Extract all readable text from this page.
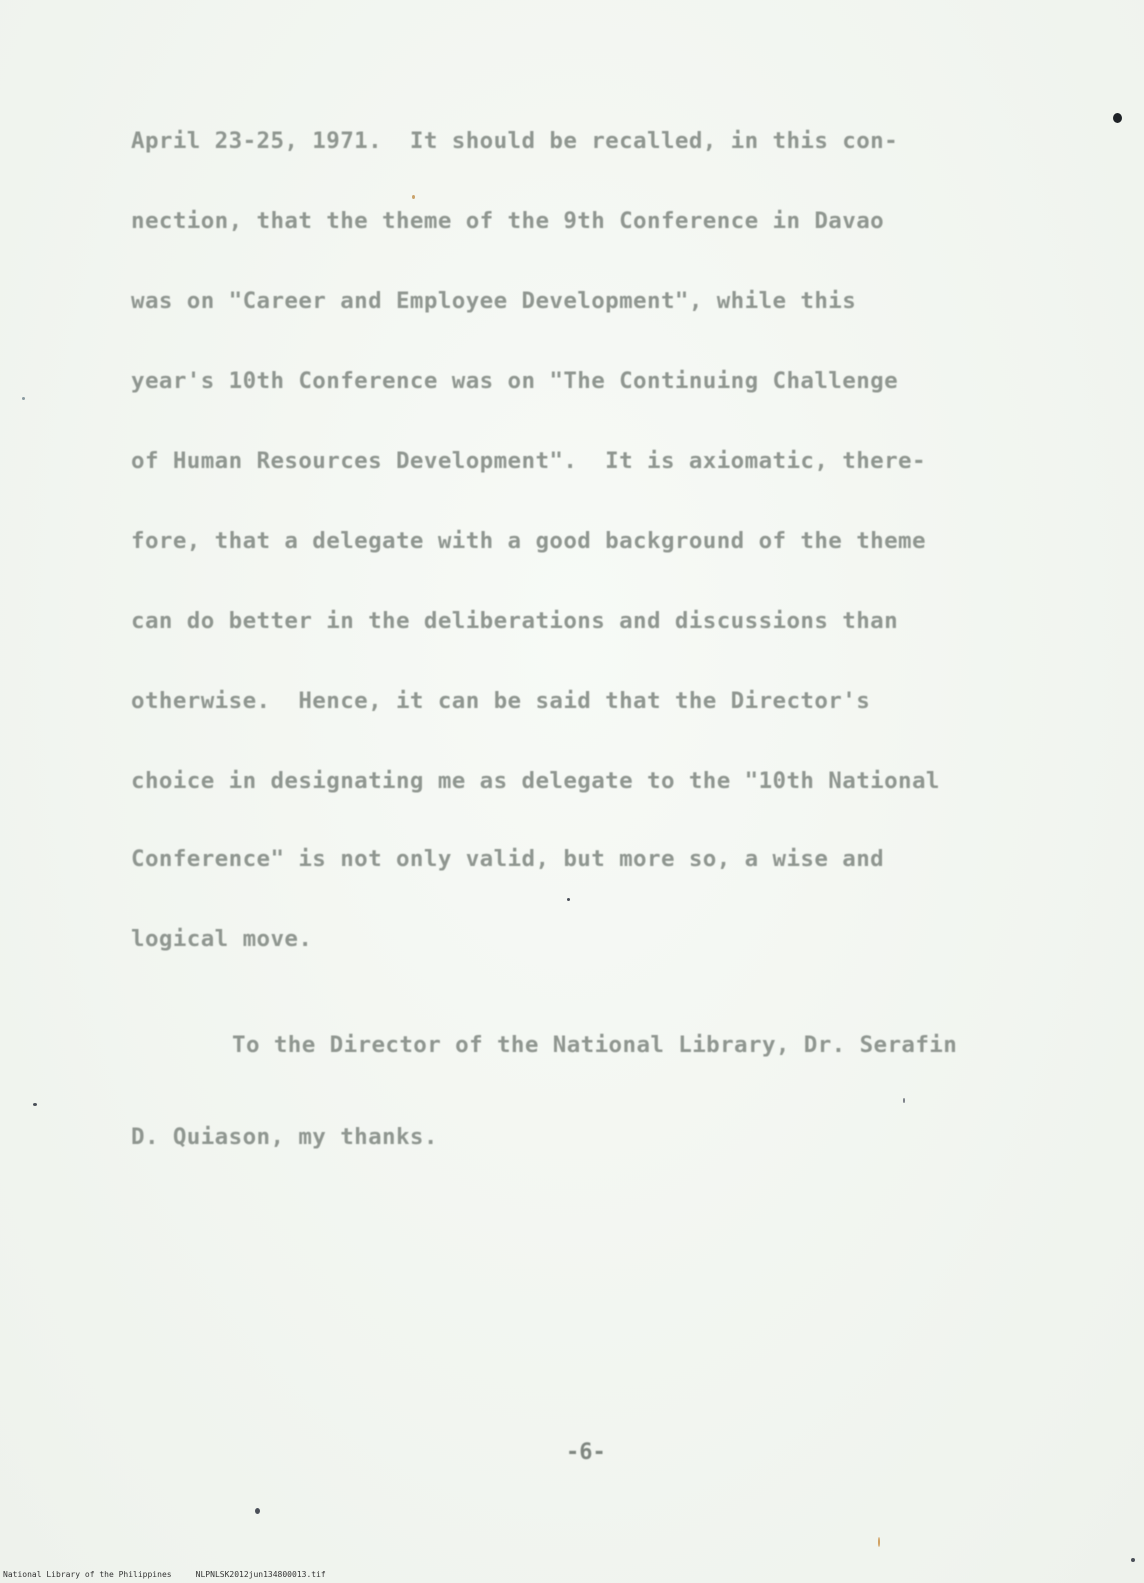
April 23-25, 1971.  It should be recalled, in this con-
nection, that the theme of the 9th Conference in Davao
was on "Career and Employee Development", while this
year's 10th Conference was on "The Continuing Challenge
of Human Resources Development".  It is axiomatic, there-
fore, that a delegate with a good background of the theme
can do better in the deliberations and discussions than
otherwise.  Hence, it can be said that the Director's
choice in designating me as delegate to the "10th National
Conference" is not only valid, but more so, a wise and
logical move.
To the Director of the National Library, Dr. Serafin
D. Quiason, my thanks.
-6-
National Library of the Philippines	NLPNLSK2012jun134800013.tif
